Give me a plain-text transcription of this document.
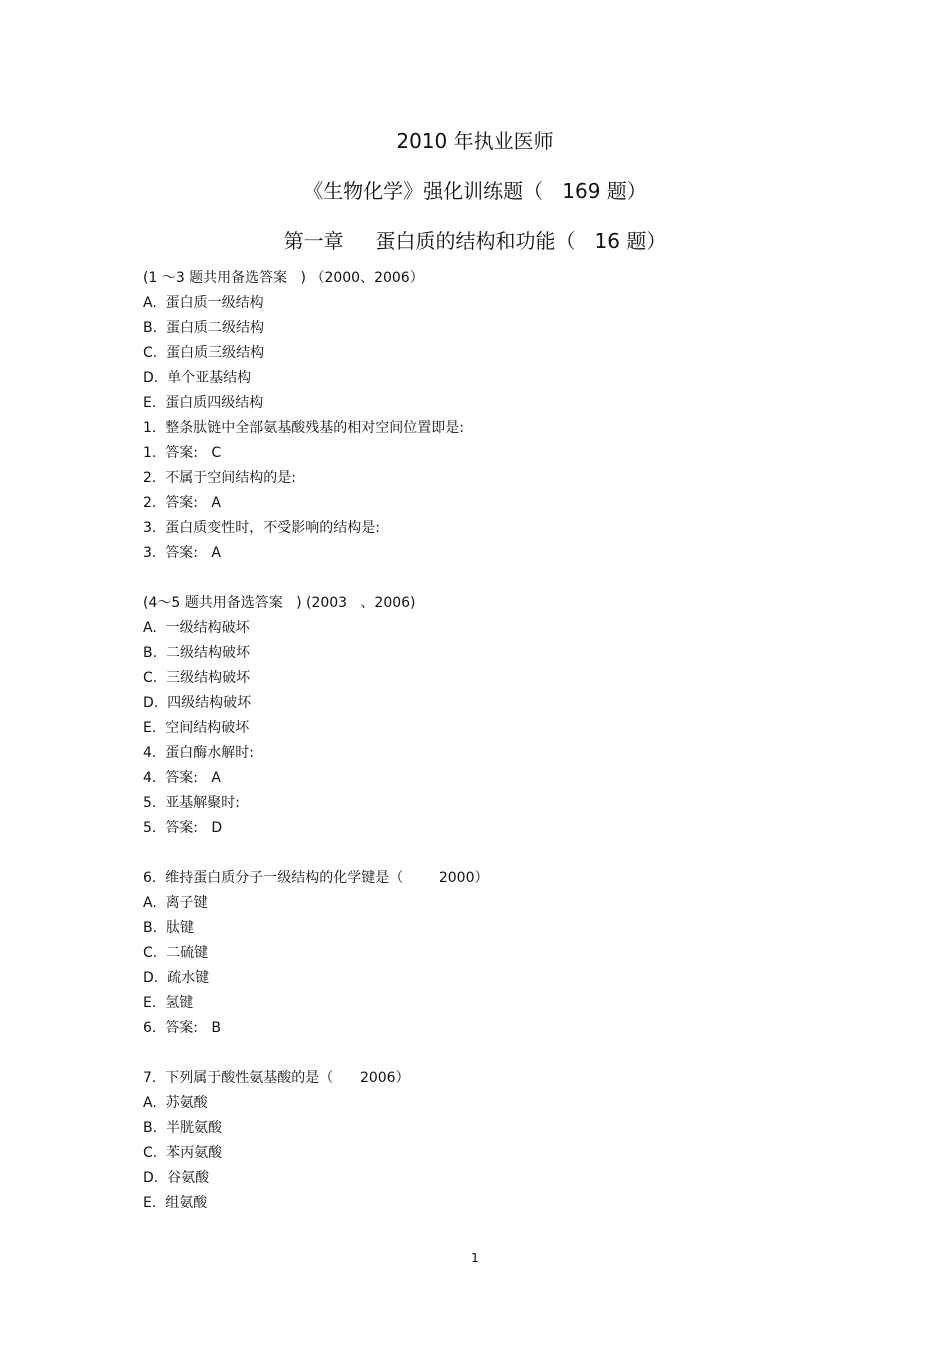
2010 年执业医师
《生物化学》强化训练题（   169 题）
第一章     蛋白质的结构和功能（   16 题）
(1 ～3 题共用备选答案   ) （2000、2006）
A.  蛋白质一级结构
B.  蛋白质二级结构
C.  蛋白质三级结构
D.  单个亚基结构
E.  蛋白质四级结构
1.  整条肽链中全部氨基酸残基的相对空间位置即是:
1.  答案:   C
2.  不属于空间结构的是:
2.  答案:   A
3.  蛋白质变性时，不受影响的结构是:
3.  答案:   A
(4～5 题共用备选答案   ) (2003   、2006)
A.  一级结构破坏
B.  二级结构破坏
C.  三级结构破坏
D.  四级结构破坏
E.  空间结构破坏
4.  蛋白酶水解时:
4.  答案:   A
5.  亚基解聚时:
5.  答案:   D
6.  维持蛋白质分子一级结构的化学键是（        2000）
A.  离子键
B.  肽键
C.  二硫键
D.  疏水键
E.  氢键
6.  答案:   B
7.  下列属于酸性氨基酸的是（      2006）
A.  苏氨酸
B.  半胱氨酸
C.  苯丙氨酸
D.  谷氨酸
E.  组氨酸
1
